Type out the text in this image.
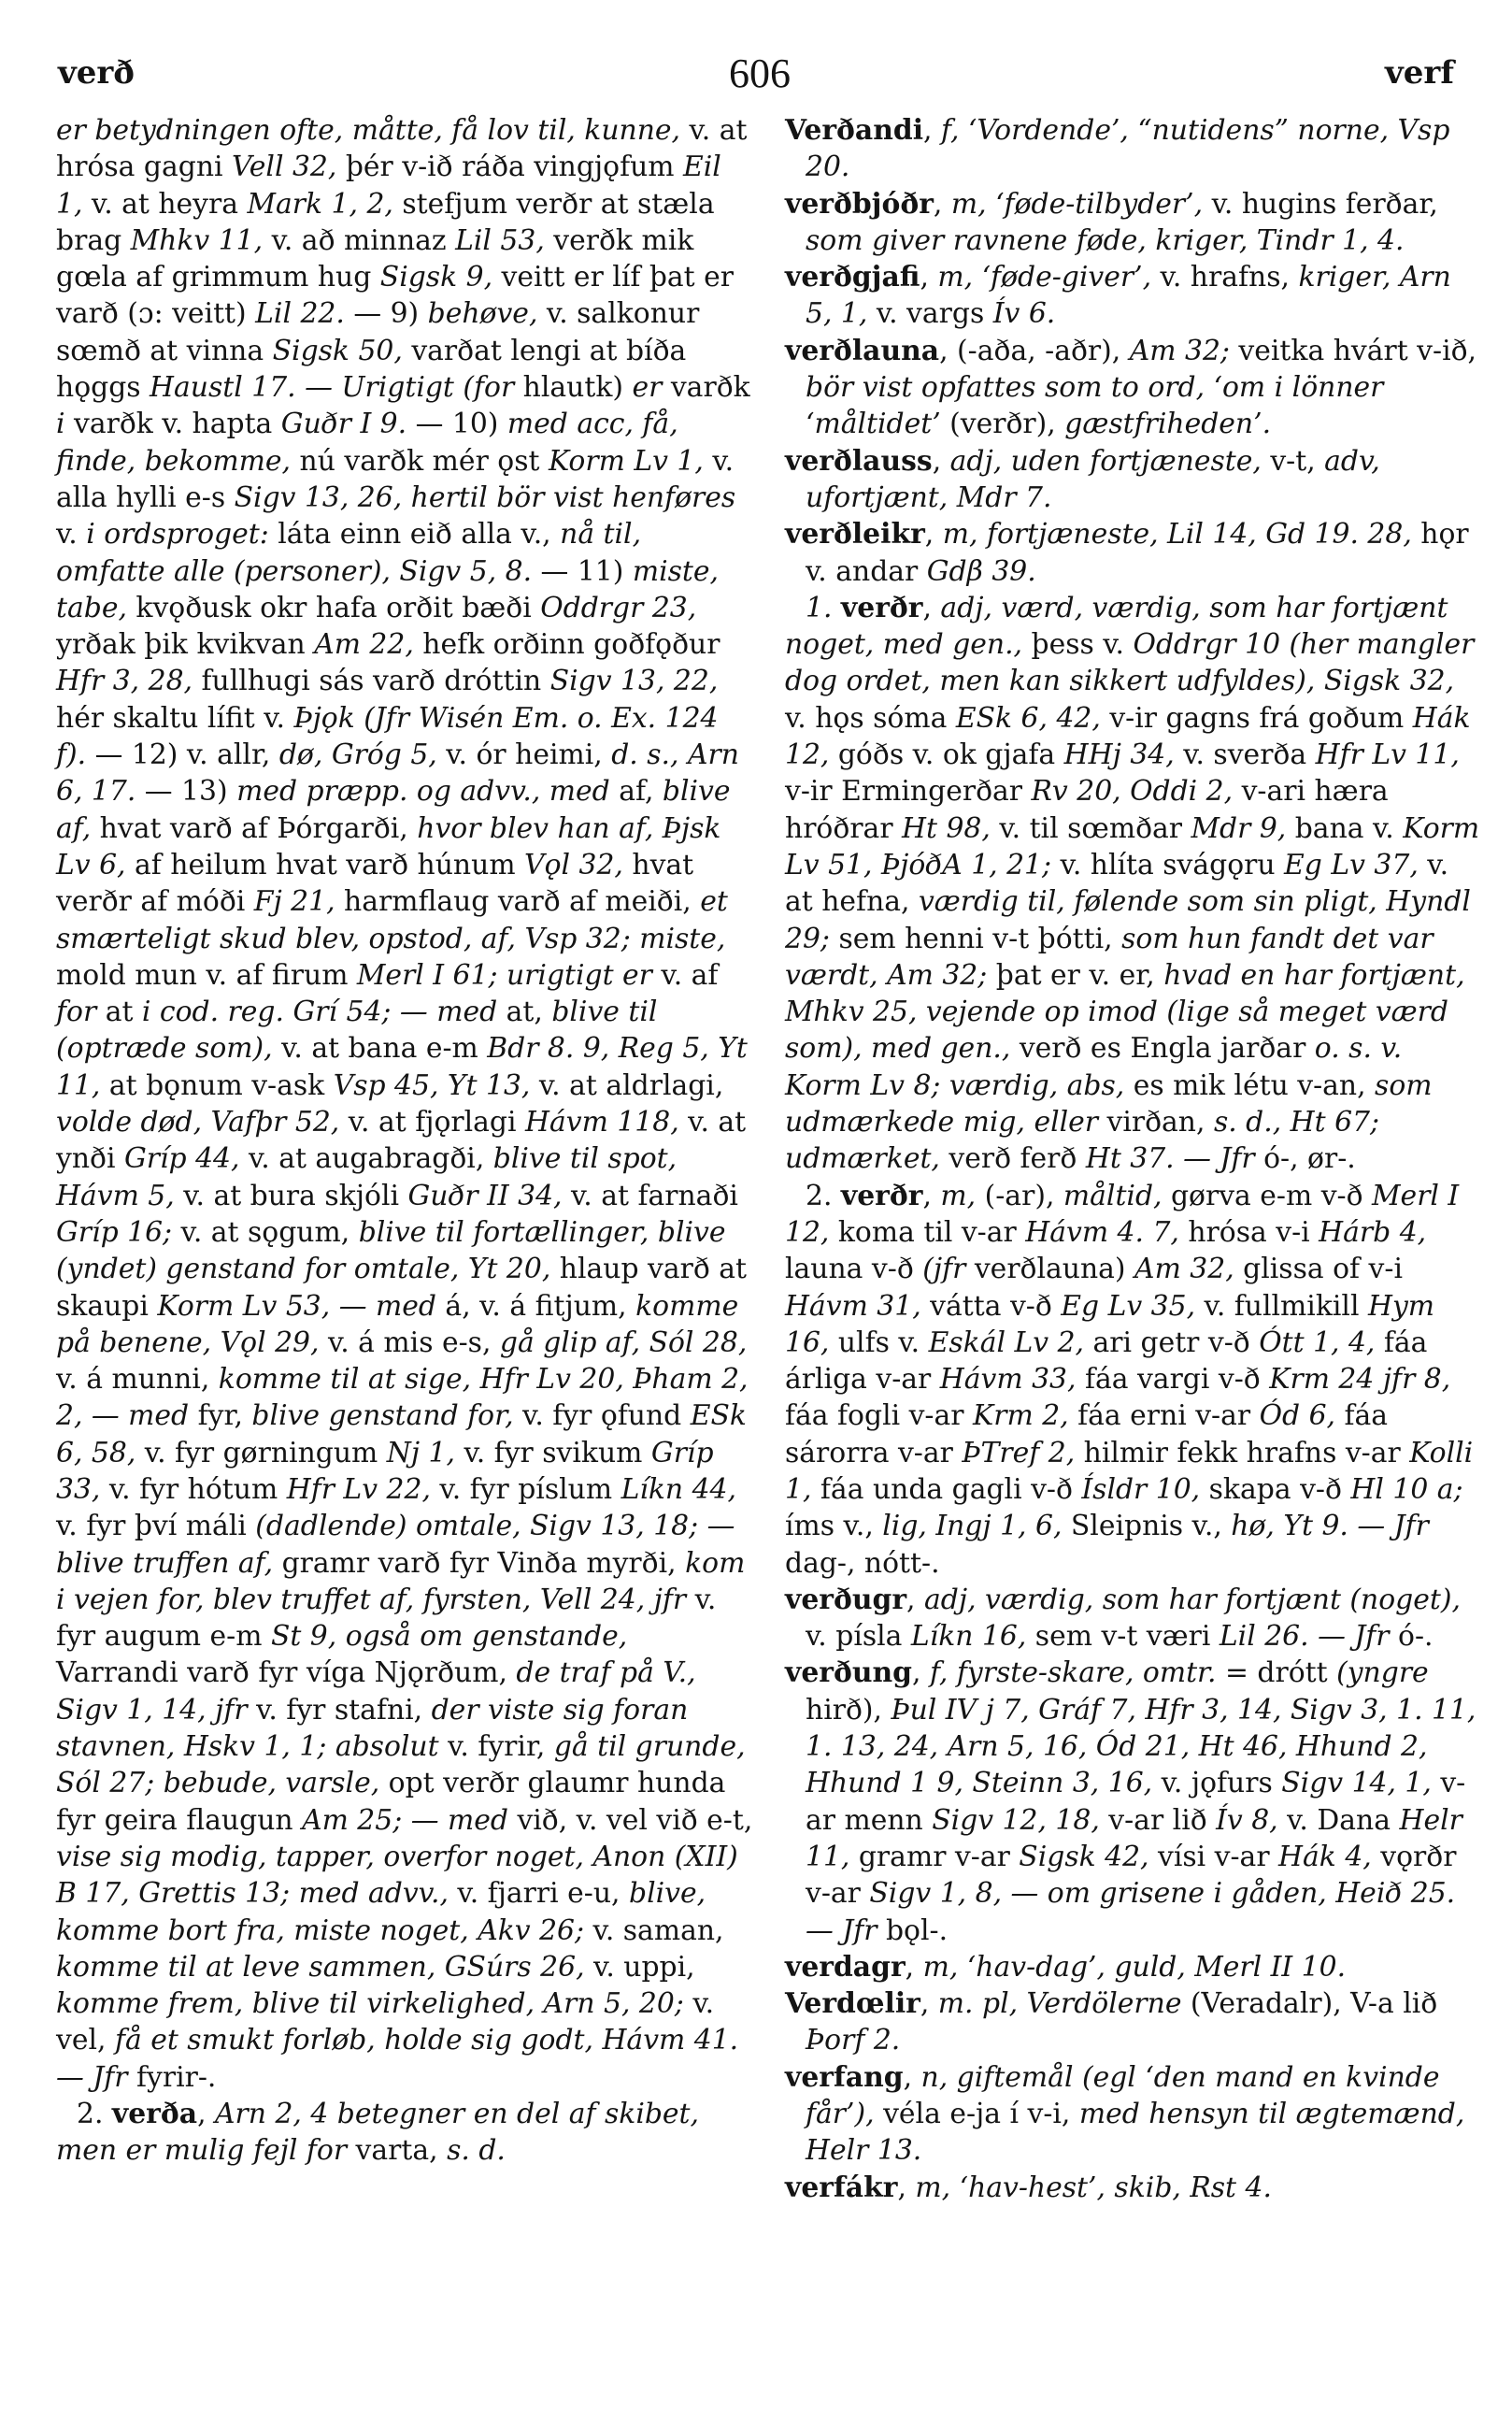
verð	606	verf

er betydningen ofte, måtte, få lov til, kunne, v. at hrósa gagni Vell 32, þér v-ið ráða vingjǫfum Eil 1, v. at heyra Mark 1, 2, stefjum verðr at stæla brag Mhkv 11, v. að minnaz Lil 53, verðk mik gœla af grimmum hug Sigsk 9, veitt er líf þat er varð (ɔ: veitt) Lil 22. — 9) behøve, v. salkonur sœmð at vinna Sigsk 50, varðat lengi at bíða hǫggs Haustl 17. — Urigtigt (for hlautk) er varðk i varðk v. hapta Guðr I 9. — 10) med acc, få, finde, bekomme, nú varðk mér ǫst Korm Lv 1, v. alla hylli e-s Sigv 13, 26, hertil bör vist henføres v. i ordsproget: láta einn eið alla v., nå til, omfatte alle (personer), Sigv 5, 8. — 11) miste, tabe, kvǫðusk okr hafa orðit bæði Oddrgr 23, yrðak þik kvikvan Am 22, hefk orðinn goðfǫður Hfr 3, 28, fullhugi sás varð dróttin Sigv 13, 22, hér skaltu lífit v. Þjǫk (Jfr Wisén Em. o. Ex. 124 f). — 12) v. allr, dø, Gróg 5, v. ór heimi, d. s., Arn 6, 17. — 13) med præpp. og advv., med af, blive af, hvat varð af Þórgarði, hvor blev han af, Þjsk Lv 6, af heilum hvat varð húnum Vǫl 32, hvat verðr af móði Fj 21, harmflaug varð af meiði, et smærteligt skud blev, opstod, af, Vsp 32; miste, mold mun v. af firum Merl I 61; urigtigt er v. af for at i cod. reg. Grí 54; — med at, blive til (optræde som), v. at bana e-m Bdr 8. 9, Reg 5, Yt 11, at bǫnum v-ask Vsp 45, Yt 13, v. at aldrlagi, volde død, Vafþr 52, v. at fjǫrlagi Hávm 118, v. at ynði Gríp 44, v. at augabragði, blive til spot, Hávm 5, v. at bura skjóli Guðr II 34, v. at farnaði Gríp 16; v. at sǫgum, blive til fortællinger, blive (yndet) genstand for omtale, Yt 20, hlaup varð at skaupi Korm Lv 53, — med á, v. á fitjum, komme på benene, Vǫl 29, v. á mis e-s, gå glip af, Sól 28, v. á munni, komme til at sige, Hfr Lv 20, Þham 2, 2, — med fyr, blive genstand for, v. fyr ǫfund ESk 6, 58, v. fyr gørningum Nj 1, v. fyr svikum Gríp 33, v. fyr hótum Hfr Lv 22, v. fyr píslum Líkn 44, v. fyr því máli (dadlende) omtale, Sigv 13, 18; — blive truffen af, gramr varð fyr Vinða myrði, kom i vejen for, blev truffet af, fyrsten, Vell 24, jfr v. fyr augum e-m St 9, også om genstande, Varrandi varð fyr víga Njǫrðum, de traf på V., Sigv 1, 14, jfr v. fyr stafni, der viste sig foran stavnen, Hskv 1, 1; absolut v. fyrir, gå til grunde, Sól 27; bebude, varsle, opt verðr glaumr hunda fyr geira flaugun Am 25; — med við, v. vel við e-t, vise sig modig, tapper, overfor noget, Anon (XII) B 17, Grettis 13; med advv., v. fjarri e-u, blive, komme bort fra, miste noget, Akv 26; v. saman, komme til at leve sammen, GSúrs 26, v. uppi, komme frem, blive til virkelighed, Arn 5, 20; v. vel, få et smukt forløb, holde sig godt, Hávm 41. — Jfr fyrir-.

2. verða, Arn 2, 4 betegner en del af skibet, men er mulig fejl for varta, s. d.

Verðandi, f, ‘Vordende’, “nutidens” norne, Vsp 20.

verðbjóðr, m, ‘føde-tilbyder’, v. hugins ferðar, som giver ravnene føde, kriger, Tindr 1, 4.

verðgjafi, m, ‘føde-giver’, v. hrafns, kriger, Arn 5, 1, v. vargs Ív 6.

verðlauna, (-aða, -aðr), Am 32; veitka hvárt v-ið, bör vist opfattes som to ord, ‘om i lönner ‘måltidet’ (verðr), gæstfriheden’.

verðlauss, adj, uden fortjæneste, v-t, adv, ufortjænt, Mdr 7.

verðleikr, m, fortjæneste, Lil 14, Gd 19. 28, hǫr v. andar Gdβ 39.

1. verðr, adj, værd, værdig, som har fortjænt noget, med gen., þess v. Oddrgr 10 (her mangler dog ordet, men kan sikkert udfyldes), Sigsk 32, v. hǫs sóma ESk 6, 42, v-ir gagns frá goðum Hák 12, góðs v. ok gjafa HHj 34, v. sverða Hfr Lv 11, v-ir Ermingerðar Rv 20, Oddi 2, v-ari hæra hróðrar Ht 98, v. til sœmðar Mdr 9, bana v. Korm Lv 51, ÞjóðA 1, 21; v. hlíta svágǫru Eg Lv 37, v. at hefna, værdig til, følende som sin pligt, Hyndl 29; sem henni v-t þótti, som hun fandt det var værdt, Am 32; þat er v. er, hvad en har fortjænt, Mhkv 25, vejende op imod (lige så meget værd som), med gen., verð es Engla jarðar o. s. v. Korm Lv 8; værdig, abs, es mik létu v-an, som udmærkede mig, eller virðan, s. d., Ht 67; udmærket, verð ferð Ht 37. — Jfr ó-, ør-.

2. verðr, m, (-ar), måltid, gørva e-m v-ð Merl I 12, koma til v-ar Hávm 4. 7, hrósa v-i Hárb 4, launa v-ð (jfr verðlauna) Am 32, glissa of v-i Hávm 31, vátta v-ð Eg Lv 35, v. fullmikill Hym 16, ulfs v. Eskál Lv 2, ari getr v-ð Ótt 1, 4, fáa árliga v-ar Hávm 33, fáa vargi v-ð Krm 24 jfr 8, fáa fogli v-ar Krm 2, fáa erni v-ar Ód 6, fáa sárorra v-ar ÞTref 2, hilmir fekk hrafns v-ar Kolli 1, fáa unda gagli v-ð Ísldr 10, skapa v-ð Hl 10 a; íms v., lig, Ingj 1, 6, Sleipnis v., hø, Yt 9. — Jfr dag-, nótt-.

verðugr, adj, værdig, som har fortjænt (noget), v. písla Líkn 16, sem v-t væri Lil 26. — Jfr ó-.

verðung, f, fyrste-skare, omtr. = drótt (yngre hirð), Þul IV j 7, Gráf 7, Hfr 3, 14, Sigv 3, 1. 11, 1. 13, 24, Arn 5, 16, Ód 21, Ht 46, Hhund 2, Hhund 1 9, Steinn 3, 16, v. jǫfurs Sigv 14, 1, v-ar menn Sigv 12, 18, v-ar lið Ív 8, v. Dana Helr 11, gramr v-ar Sigsk 42, vísi v-ar Hák 4, vǫrðr v-ar Sigv 1, 8, — om grisene i gåden, Heið 25. — Jfr bǫl-.

verdagr, m, ‘hav-dag’, guld, Merl II 10.

Verdœlir, m. pl, Verdölerne (Veradalr), V-a lið Þorf 2.

verfang, n, giftemål (egl ‘den mand en kvinde får’), véla e-ja í v-i, med hensyn til ægtemænd, Helr 13.

verfákr, m, ‘hav-hest’, skib, Rst 4.
